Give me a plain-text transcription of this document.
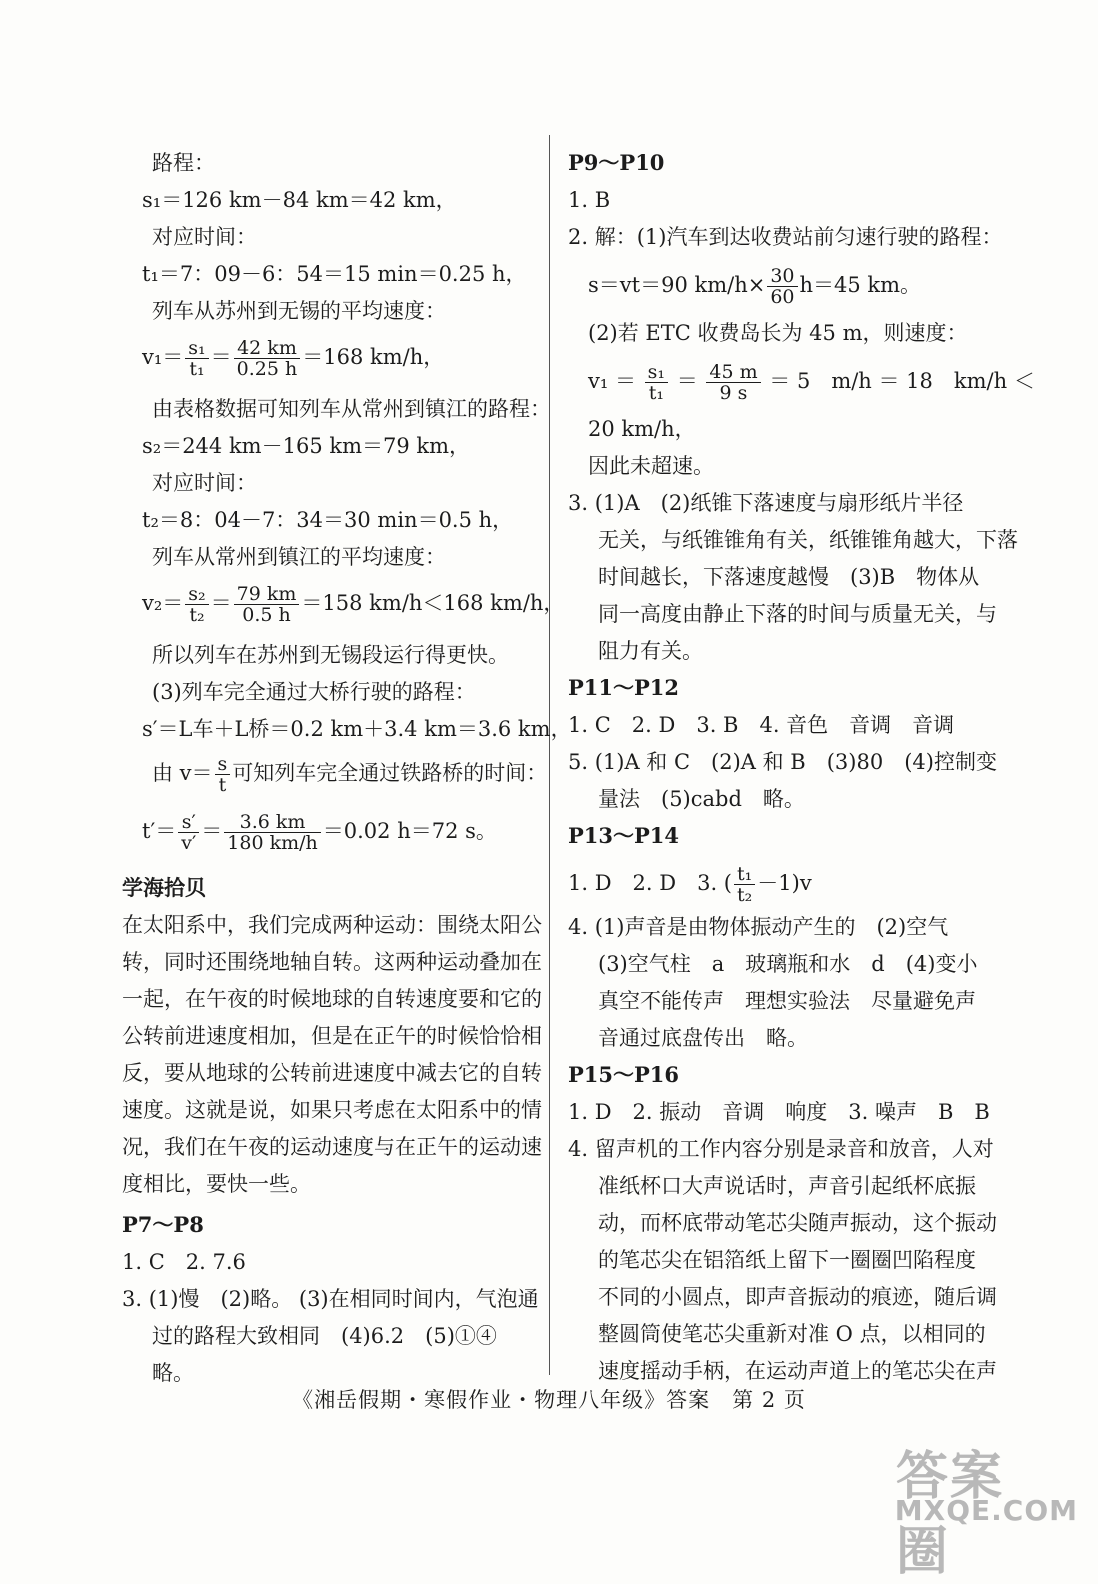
路程：
s₁＝126 km－84 km＝42 km，
对应时间：
t₁＝7：09－6：54＝15 min＝0.25 h，
列车从苏州到无锡的平均速度：
$v_1= \frac{\text{s₁}}{\text{t₁}} = \frac{42 km}{0.25 h} =168$ km/h，
由表格数据可知列车从常州到镇江的路程：
s₂＝244 km－165 km＝79 km，
对应时间：
t₂＝8：04－7：34＝30 min＝0.5 h，
列车从常州到镇江的平均速度：
$v_2= \frac{\text{s₂}}{\text{t₂}} = \frac{79 km}{0.5 h} =158$ km/h＜168 km/h，
所以列车在苏州到无锡段运行得更快。
(3)列车完全通过大桥行驶的路程：
s′＝L车＋L桥＝0.2 km＋3.4 km＝3.6 km，
由 $v= \frac{s}{t}$ 可知列车完全通过铁路桥的时间：
$t'= \frac{s'}{v'} = \frac{3.6 km}{180 km/h} =0.02$ h＝72 s。
学海拾贝
在太阳系中，我们完成两种运动：围绕太阳公
转，同时还围绕地轴自转。这两种运动叠加在
一起，在午夜的时候地球的自转速度要和它的
公转前进速度相加，但是在正午的时候恰恰相
反，要从地球的公转前进速度中减去它的自转
速度。这就是说，如果只考虑在太阳系中的情
况，我们在午夜的运动速度与在正午的运动速
度相比，要快一些。
P7～P8
1. C　2. 7.6
3. (1)慢　(2)略。 (3)在相同时间内，气泡通
过的路程大致相同　(4)6.2　(5)①④
略。
P9～P10
1. B
2. 解：(1)汽车到达收费站前匀速行驶的路程：
s＝vt＝90 $km/h\times \frac{30}{60} h=45$ km。
(2)若 ETC 收费岛长为 45 m，则速度：
$v_1 = \frac{\text{s₁}}{\text{t₁}} = \frac{45 m}{9 s} = 5$　m/h ＝ 18　km/h ＜
20 km/h，
因此未超速。
3. (1)A　(2)纸锥下落速度与扇形纸片半径
无关，与纸锥锥角有关，纸锥锥角越大，下落
时间越长，下落速度越慢　(3)B　物体从
同一高度由静止下落的时间与质量无关，与
阻力有关。
P11～P12
1. C　2. D　3. B　4. 音色　音调　音调
5. (1)A 和 C　(2)A 和 B　(3)80　(4)控制变
量法　(5)cabd　略。
P13～P14
1. D　2. D　3. ( $\frac{\text{t₁}}{\text{t₂}} -1)v$
4. (1)声音是由物体振动产生的　(2)空气
(3)空气柱　a　玻璃瓶和水　d　(4)变小
真空不能传声　理想实验法　尽量避免声
音通过底盘传出　略。
P15～P16
1. D　2. 振动　音调　响度　3. 噪声　B　B
4. 留声机的工作内容分别是录音和放音，人对
准纸杯口大声说话时，声音引起纸杯底振
动，而杯底带动笔芯尖随声振动，这个振动
的笔芯尖在铝箔纸上留下一圈圈凹陷程度
不同的小圆点，即声音振动的痕迹，随后调
整圆筒使笔芯尖重新对准 O 点，以相同的
速度摇动手柄，在运动声道上的笔芯尖在声
《湘岳假期・寒假作业・物理八年级》答案　第 2 页
答案圈
MXQE.COM
